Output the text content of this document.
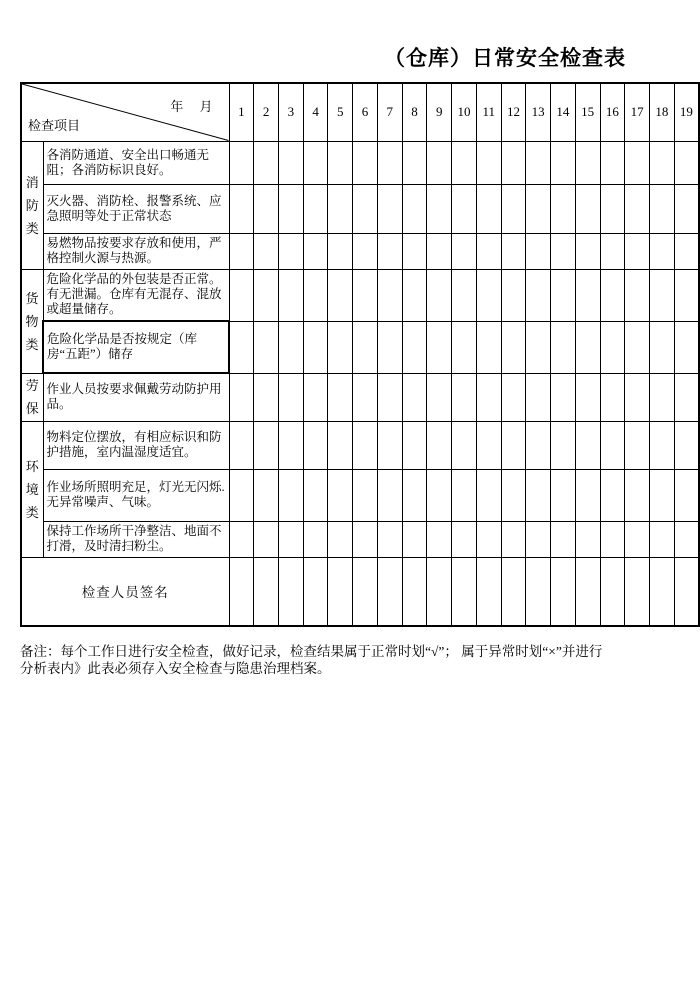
（仓库）日常安全检查表
年　 月
检查项目		1	2	3	4	5	6	7	8	9	10	11	12	13	14	15	16	17	18	19
消防类	各消防通道、安全出口畅通无阻；各消防标识良好。																			
	灭火器、消防栓、报警系统、应急照明等处于正常状态																			
	易燃物品按要求存放和使用，严格控制火源与热源。																			
货物类	危险化学品的外包装是否正常。有无泄漏。仓库有无混存、混放或超量储存。																			
	危险化学品是否按规定（库房“五距”）储存																			
劳保	作业人员按要求佩戴劳动防护用品。																			
环境类	物料定位摆放，有相应标识和防护措施，室内温湿度适宜。																			
	作业场所照明充足，灯光无闪烁. 无异常噪声、气味。																			
	保持工作场所干净整洁、地面不打滑，及时清扫粉尘。																			
检查人员签名																				
备注：每个工作日进行安全检查，做好记录，检查结果属于正常时划“√”； 属于异常时划“×”并进行
分析表内》此表必须存入安全检查与隐患治理档案。
